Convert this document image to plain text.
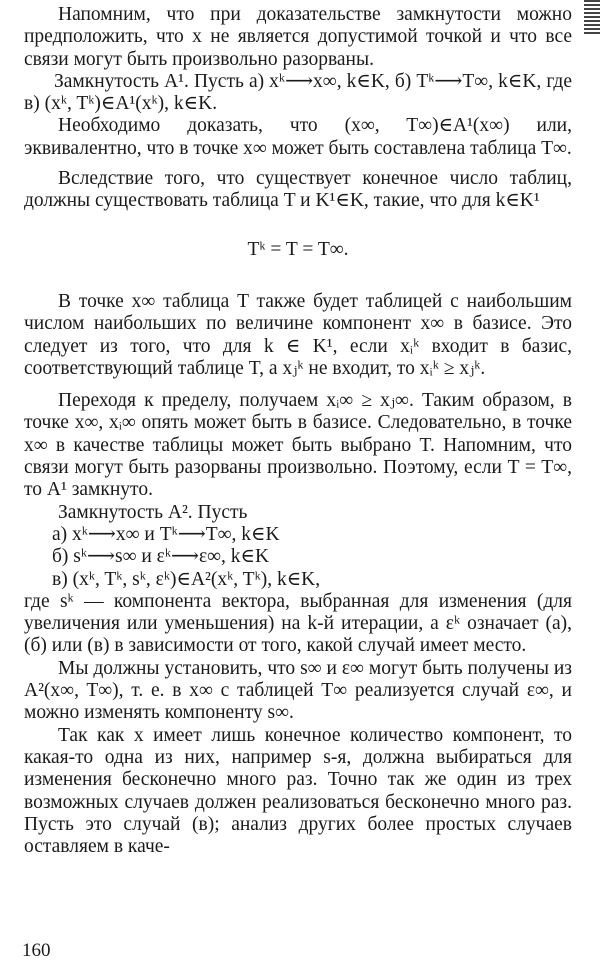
Напомним, что при доказательстве замкнутости можно предположить, что x не является допустимой точкой и что все связи могут быть произвольно разорваны.

Замкнутость A¹. Пусть а) xᵏ⟶x∞, k∈K, б) Tᵏ⟶T∞, k∈K, где в) (xᵏ, Tᵏ)∈A¹(xᵏ), k∈K.

Необходимо доказать, что (x∞, T∞)∈A¹(x∞) или, эквивалентно, что в точке x∞ может быть составлена таблица T∞.

Вследствие того, что существует конечное число таблиц, должны существовать таблица T и K¹∈K, такие, что для k∈K¹

Tᵏ = T = T∞.

В точке x∞ таблица T также будет таблицей с наибольшим числом наибольших по величине компонент x∞ в базисе. Это следует из того, что для k ∈ K¹, если xᵢᵏ входит в базис, соответствующий таблице T, а xⱼᵏ не входит, то xᵢᵏ ≥ xⱼᵏ.

Переходя к пределу, получаем xᵢ∞ ≥ xⱼ∞. Таким образом, в точке x∞, xᵢ∞ опять может быть в базисе. Следовательно, в точке x∞ в качестве таблицы может быть выбрано T. Напомним, что связи могут быть разорваны произвольно. Поэтому, если T = T∞, то A¹ замкнуто.

Замкнутость A². Пусть

а) xᵏ⟶x∞ и Tᵏ⟶T∞, k∈K

б) sᵏ⟶s∞ и εᵏ⟶ε∞, k∈K

в) (xᵏ, Tᵏ, sᵏ, εᵏ)∈A²(xᵏ, Tᵏ), k∈K,

где sᵏ — компонента вектора, выбранная для изменения (для увеличения или уменьшения) на k-й итерации, а εᵏ означает (а), (б) или (в) в зависимости от того, какой случай имеет место.

Мы должны установить, что s∞ и ε∞ могут быть получены из A²(x∞, T∞), т. е. в x∞ с таблицей T∞ реализуется случай ε∞, и можно изменять компоненту s∞.

Так как x имеет лишь конечное количество компонент, то какая-то одна из них, например s-я, должна выбираться для изменения бесконечно много раз. Точно так же один из трех возможных случаев должен реализоваться бесконечно много раз. Пусть это случай (в); анализ других более простых случаев оставляем в каче-

160
